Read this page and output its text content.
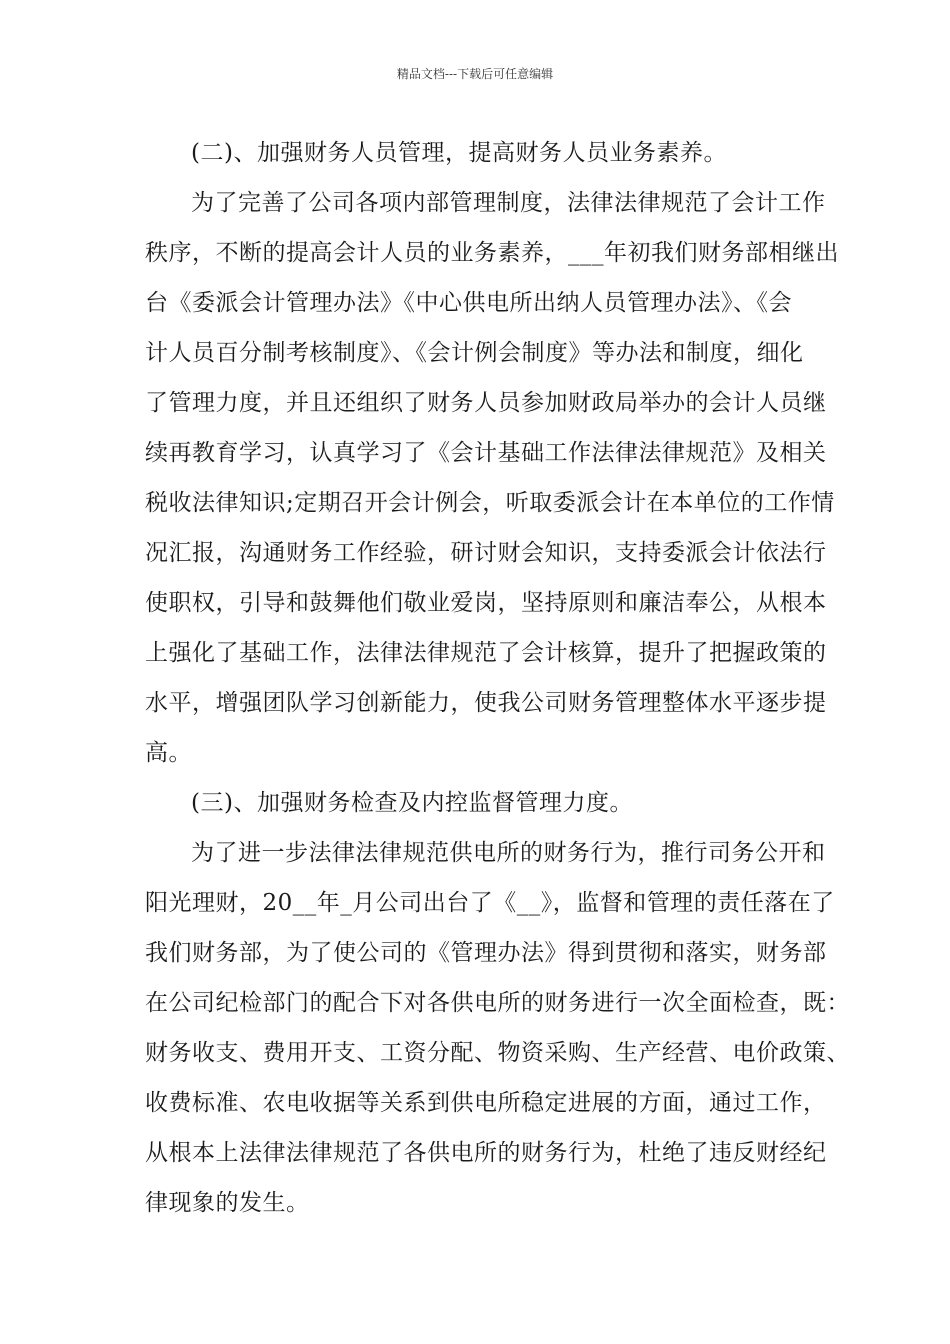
精品文档---下载后可任意编辑
(二)、加强财务人员管理，提高财务人员业务素养。
为了完善了公司各项内部管理制度，法律法律规范了会计工作
秩序，不断的提高会计人员的业务素养，___年初我们财务部相继出
台《委派会计管理办法》《中心供电所出纳人员管理办法》、《会
计人员百分制考核制度》、《会计例会制度》等办法和制度，细化
了管理力度，并且还组织了财务人员参加财政局举办的会计人员继
续再教育学习，认真学习了《会计基础工作法律法律规范》及相关
税收法律知识;定期召开会计例会，听取委派会计在本单位的工作情
况汇报，沟通财务工作经验，研讨财会知识，支持委派会计依法行
使职权，引导和鼓舞他们敬业爱岗，坚持原则和廉洁奉公，从根本
上强化了基础工作，法律法律规范了会计核算，提升了把握政策的
水平，增强团队学习创新能力，使我公司财务管理整体水平逐步提
高。
(三)、加强财务检查及内控监督管理力度。
为了进一步法律法律规范供电所的财务行为，推行司务公开和
阳光理财，20__年_月公司出台了《__》，监督和管理的责任落在了
我们财务部，为了使公司的《管理办法》得到贯彻和落实，财务部
在公司纪检部门的配合下对各供电所的财务进行一次全面检查，既：
财务收支、费用开支、工资分配、物资采购、生产经营、电价政策、
收费标准、农电收据等关系到供电所稳定进展的方面，通过工作，
从根本上法律法律规范了各供电所的财务行为，杜绝了违反财经纪
律现象的发生。
